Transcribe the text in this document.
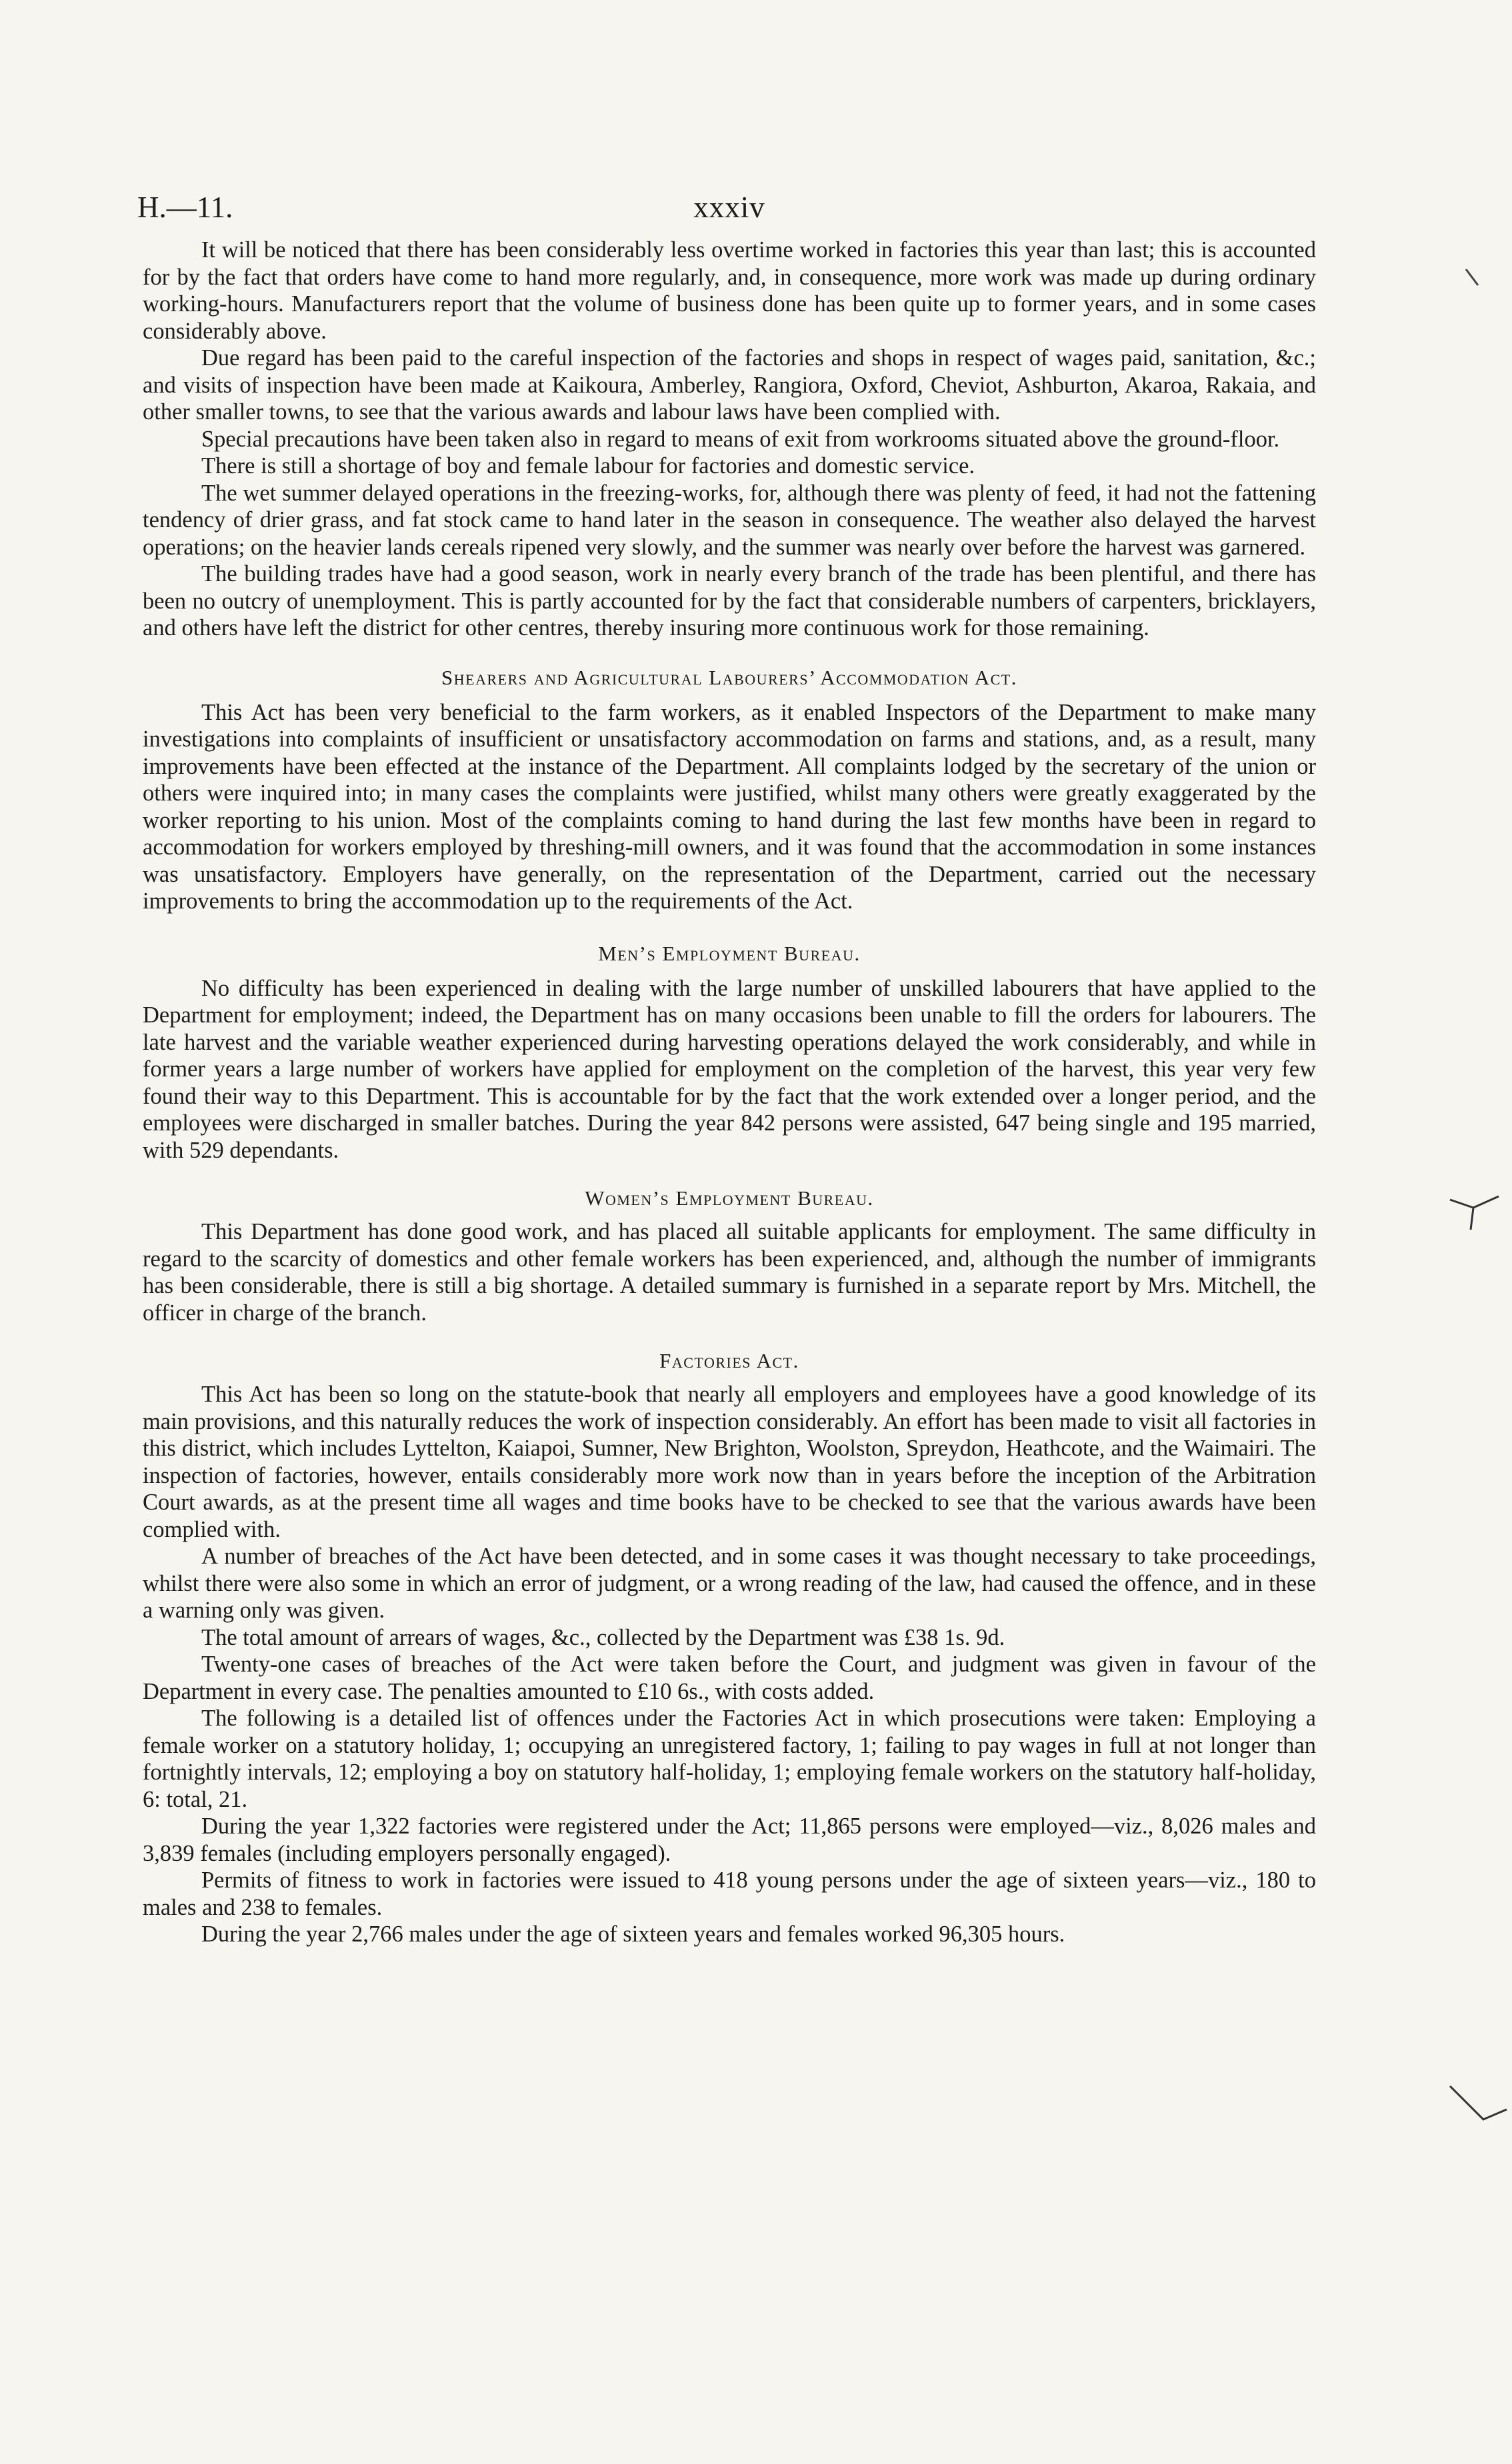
H.—11.	xxxiv

It will be noticed that there has been considerably less overtime worked in factories this year than last; this is accounted for by the fact that orders have come to hand more regularly, and, in consequence, more work was made up during ordinary working-hours. Manufacturers report that the volume of business done has been quite up to former years, and in some cases considerably above.

Due regard has been paid to the careful inspection of the factories and shops in respect of wages paid, sanitation, &c.; and visits of inspection have been made at Kaikoura, Amberley, Rangiora, Oxford, Cheviot, Ashburton, Akaroa, Rakaia, and other smaller towns, to see that the various awards and labour laws have been complied with.

Special precautions have been taken also in regard to means of exit from workrooms situated above the ground-floor.

There is still a shortage of boy and female labour for factories and domestic service.

The wet summer delayed operations in the freezing-works, for, although there was plenty of feed, it had not the fattening tendency of drier grass, and fat stock came to hand later in the season in consequence. The weather also delayed the harvest operations; on the heavier lands cereals ripened very slowly, and the summer was nearly over before the harvest was garnered.

The building trades have had a good season, work in nearly every branch of the trade has been plentiful, and there has been no outcry of unemployment. This is partly accounted for by the fact that considerable numbers of carpenters, bricklayers, and others have left the district for other centres, thereby insuring more continuous work for those remaining.

Shearers and Agricultural Labourers’ Accommodation Act.

This Act has been very beneficial to the farm workers, as it enabled Inspectors of the Department to make many investigations into complaints of insufficient or unsatisfactory accommodation on farms and stations, and, as a result, many improvements have been effected at the instance of the Department. All complaints lodged by the secretary of the union or others were inquired into; in many cases the complaints were justified, whilst many others were greatly exaggerated by the worker reporting to his union. Most of the complaints coming to hand during the last few months have been in regard to accommodation for workers employed by threshing-mill owners, and it was found that the accommodation in some instances was unsatisfactory. Employers have generally, on the representation of the Department, carried out the necessary improvements to bring the accommodation up to the requirements of the Act.

Men’s Employment Bureau.

No difficulty has been experienced in dealing with the large number of unskilled labourers that have applied to the Department for employment; indeed, the Department has on many occasions been unable to fill the orders for labourers. The late harvest and the variable weather experienced during harvesting operations delayed the work considerably, and while in former years a large number of workers have applied for employment on the completion of the harvest, this year very few found their way to this Department. This is accountable for by the fact that the work extended over a longer period, and the employees were discharged in smaller batches. During the year 842 persons were assisted, 647 being single and 195 married, with 529 dependants.

Women’s Employment Bureau.

This Department has done good work, and has placed all suitable applicants for employment. The same difficulty in regard to the scarcity of domestics and other female workers has been experienced, and, although the number of immigrants has been considerable, there is still a big shortage. A detailed summary is furnished in a separate report by Mrs. Mitchell, the officer in charge of the branch.

Factories Act.

This Act has been so long on the statute-book that nearly all employers and employees have a good knowledge of its main provisions, and this naturally reduces the work of inspection considerably. An effort has been made to visit all factories in this district, which includes Lyttelton, Kaiapoi, Sumner, New Brighton, Woolston, Spreydon, Heathcote, and the Waimairi. The inspection of factories, however, entails considerably more work now than in years before the inception of the Arbitration Court awards, as at the present time all wages and time books have to be checked to see that the various awards have been complied with.

A number of breaches of the Act have been detected, and in some cases it was thought necessary to take proceedings, whilst there were also some in which an error of judgment, or a wrong reading of the law, had caused the offence, and in these a warning only was given.

The total amount of arrears of wages, &c., collected by the Department was £38 1s. 9d.

Twenty-one cases of breaches of the Act were taken before the Court, and judgment was given in favour of the Department in every case. The penalties amounted to £10 6s., with costs added.

The following is a detailed list of offences under the Factories Act in which prosecutions were taken: Employing a female worker on a statutory holiday, 1; occupying an unregistered factory, 1; failing to pay wages in full at not longer than fortnightly intervals, 12; employing a boy on statutory half-holiday, 1; employing female workers on the statutory half-holiday, 6: total, 21.

During the year 1,322 factories were registered under the Act; 11,865 persons were employed—viz., 8,026 males and 3,839 females (including employers personally engaged).

Permits of fitness to work in factories were issued to 418 young persons under the age of sixteen years—viz., 180 to males and 238 to females.

During the year 2,766 males under the age of sixteen years and females worked 96,305 hours.
